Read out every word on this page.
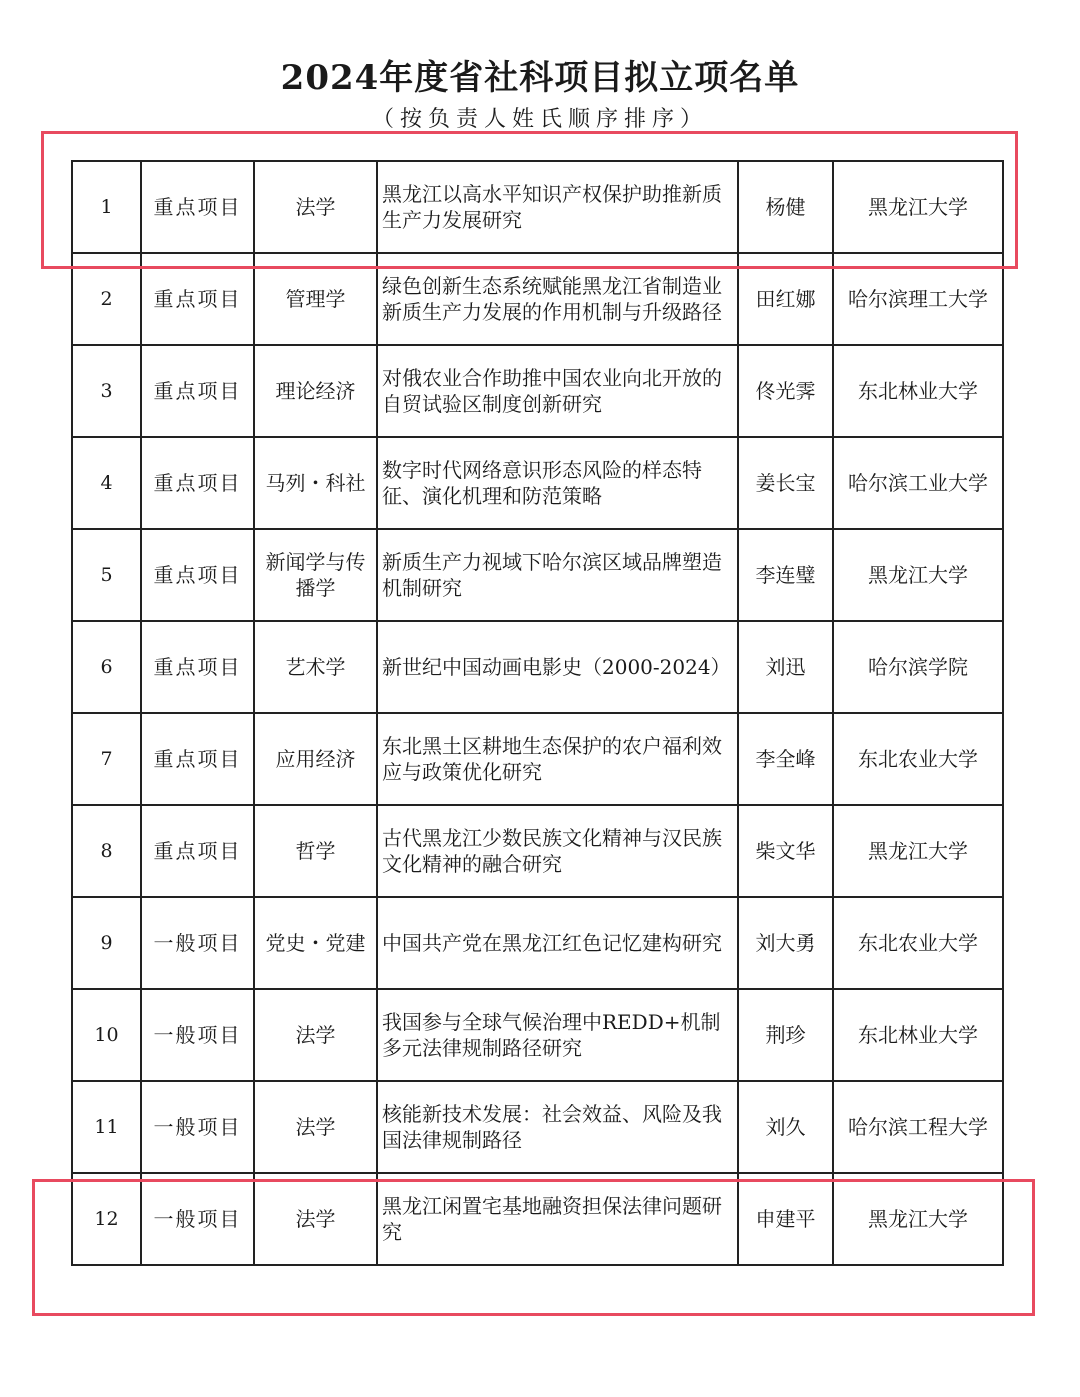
2024年度省社科项目拟立项名单
（按负责人姓氏顺序排序）
1	重点项目	法学	黑龙江以高水平知识产权保护助推新质生产力发展研究	杨健	黑龙江大学
2	重点项目	管理学	绿色创新生态系统赋能黑龙江省制造业新质生产力发展的作用机制与升级路径	田红娜	哈尔滨理工大学
3	重点项目	理论经济	对俄农业合作助推中国农业向北开放的自贸试验区制度创新研究	佟光霁	东北林业大学
4	重点项目	马列・科社	数字时代网络意识形态风险的样态特征、演化机理和防范策略	姜长宝	哈尔滨工业大学
5	重点项目	新闻学与传播学	新质生产力视域下哈尔滨区域品牌塑造机制研究	李连璧	黑龙江大学
6	重点项目	艺术学	新世纪中国动画电影史（2000-2024）	刘迅	哈尔滨学院
7	重点项目	应用经济	东北黑土区耕地生态保护的农户福利效应与政策优化研究	李全峰	东北农业大学
8	重点项目	哲学	古代黑龙江少数民族文化精神与汉民族文化精神的融合研究	柴文华	黑龙江大学
9	一般项目	党史・党建	中国共产党在黑龙江红色记忆建构研究	刘大勇	东北农业大学
10	一般项目	法学	我国参与全球气候治理中REDD+机制多元法律规制路径研究	荆珍	东北林业大学
11	一般项目	法学	核能新技术发展：社会效益、风险及我国法律规制路径	刘久	哈尔滨工程大学
12	一般项目	法学	黑龙江闲置宅基地融资担保法律问题研究	申建平	黑龙江大学
